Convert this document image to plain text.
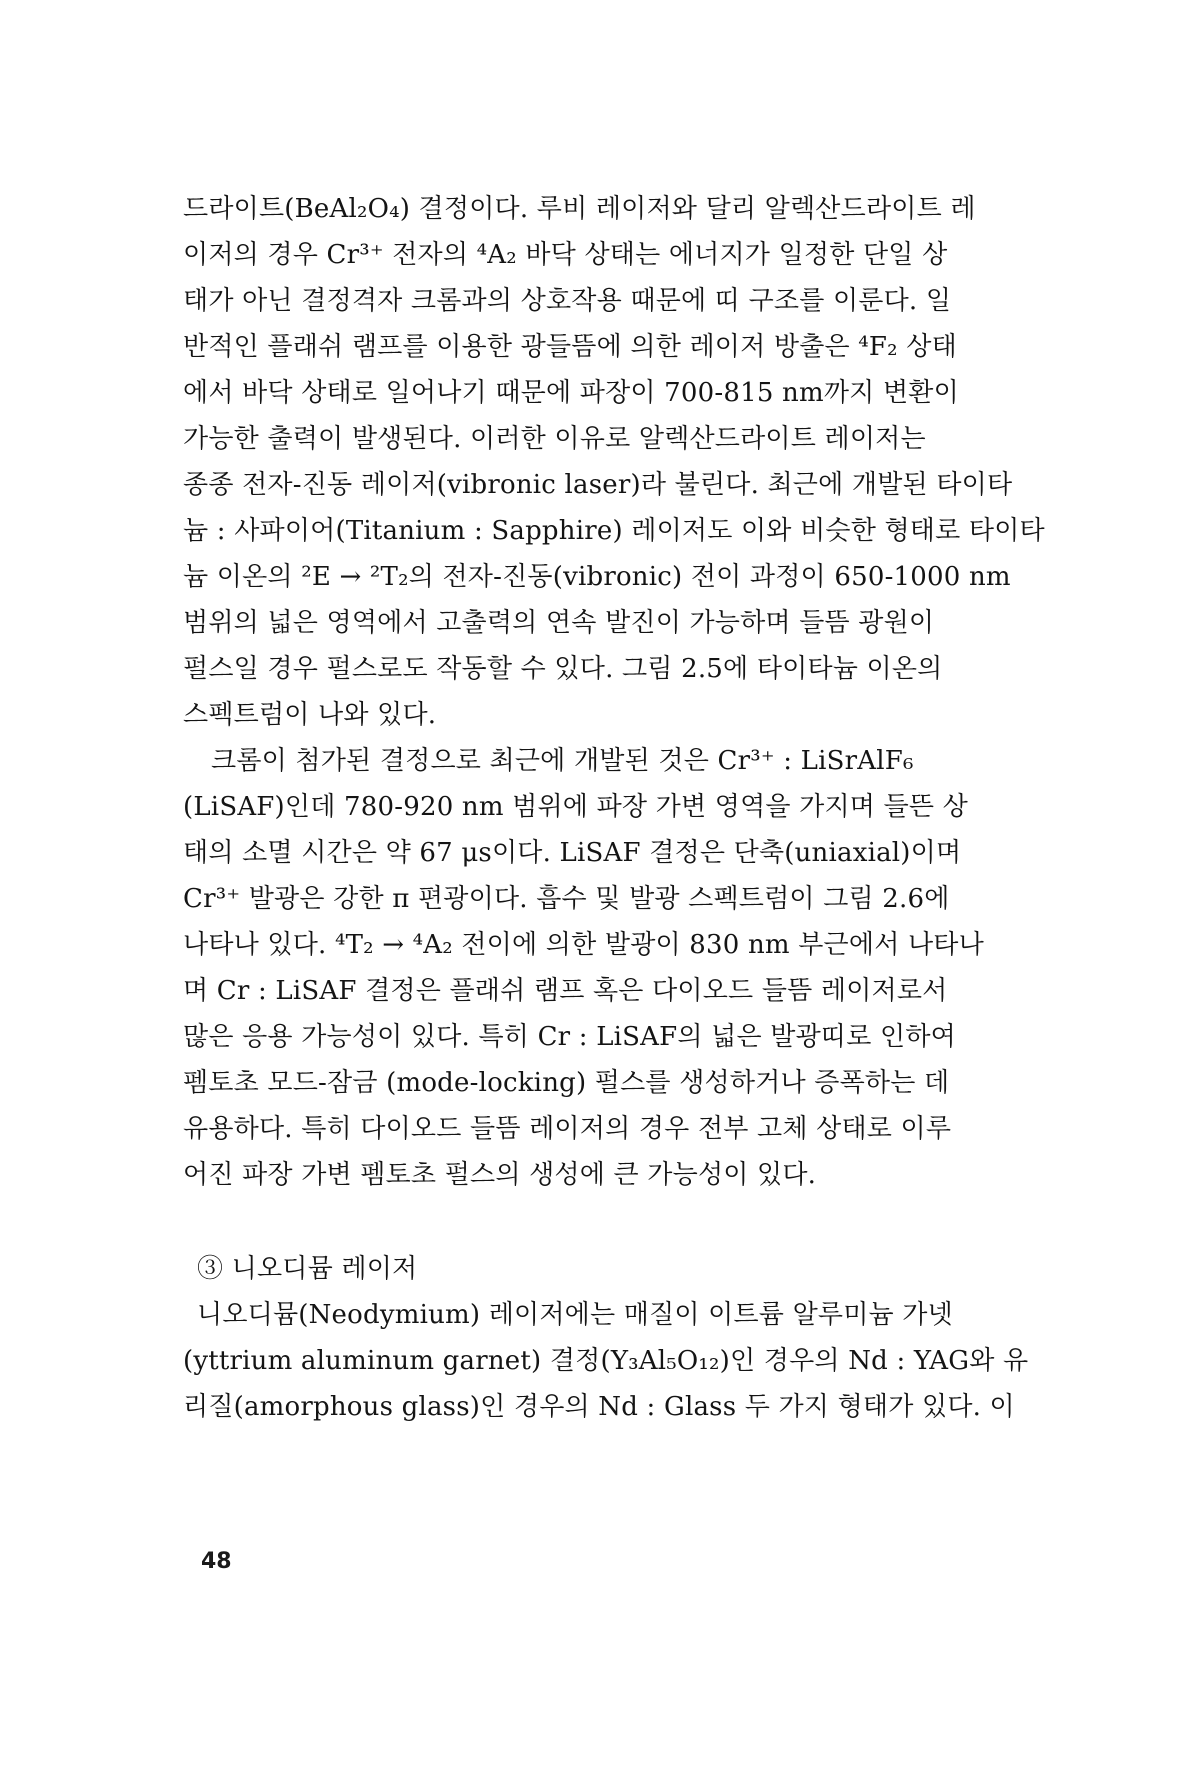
드라이트(BeAl₂O₄) 결정이다. 루비 레이저와 달리 알렉산드라이트 레
이저의 경우 Cr³⁺ 전자의 ⁴A₂ 바닥 상태는 에너지가 일정한 단일 상
태가 아닌 결정격자 크롬과의 상호작용 때문에 띠 구조를 이룬다. 일
반적인 플래쉬 램프를 이용한 광들뜸에 의한 레이저 방출은 ⁴F₂ 상태
에서 바닥 상태로 일어나기 때문에 파장이 700-815 nm까지 변환이
가능한 출력이 발생된다. 이러한 이유로 알렉산드라이트 레이저는
종종 전자-진동 레이저(vibronic laser)라 불린다. 최근에 개발된 타이타
늄 : 사파이어(Titanium : Sapphire) 레이저도 이와 비슷한 형태로 타이타
늄 이온의 ²E → ²T₂의 전자-진동(vibronic) 전이 과정이 650-1000 nm
범위의 넓은 영역에서 고출력의 연속 발진이 가능하며 들뜸 광원이
펄스일 경우 펄스로도 작동할 수 있다. 그림 2.5에 타이타늄 이온의
스펙트럼이 나와 있다.

크롬이 첨가된 결정으로 최근에 개발된 것은 Cr³⁺ : LiSrAlF₆
(LiSAF)인데 780-920 nm 범위에 파장 가변 영역을 가지며 들뜬 상
태의 소멸 시간은 약 67 μs이다. LiSAF 결정은 단축(uniaxial)이며
Cr³⁺ 발광은 강한 π 편광이다. 흡수 및 발광 스펙트럼이 그림 2.6에
나타나 있다. ⁴T₂ → ⁴A₂ 전이에 의한 발광이 830 nm 부근에서 나타나
며 Cr : LiSAF 결정은 플래쉬 램프 혹은 다이오드 들뜸 레이저로서
많은 응용 가능성이 있다. 특히 Cr : LiSAF의 넓은 발광띠로 인하여
펨토초 모드-잠금 (mode-locking) 펄스를 생성하거나 증폭하는 데
유용하다. 특히 다이오드 들뜸 레이저의 경우 전부 고체 상태로 이루
어진 파장 가변 펨토초 펄스의 생성에 큰 가능성이 있다.

③ 니오디뮴 레이저
니오디뮴(Neodymium) 레이저에는 매질이 이트륨 알루미늄 가넷
(yttrium aluminum garnet) 결정(Y₃Al₅O₁₂)인 경우의 Nd : YAG와 유
리질(amorphous glass)인 경우의 Nd : Glass 두 가지 형태가 있다. 이
48
